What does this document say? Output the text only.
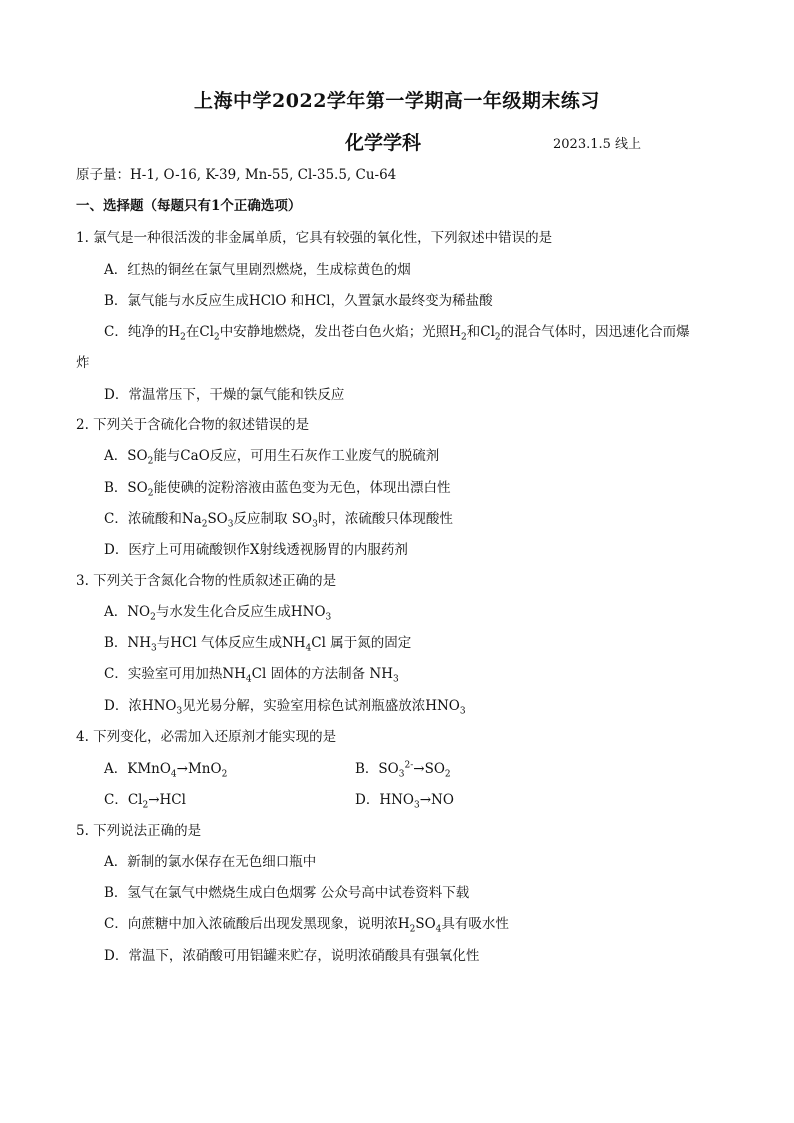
上海中学2022学年第一学期高一年级期末练习
化学学科	2023.1.5 线上
原子量：H-1, O-16, K-39, Mn-55, Cl-35.5, Cu-64
一、选择题（每题只有1个正确选项）
1. 氯气是一种很活泼的非金属单质，它具有较强的氧化性，下列叙述中错误的是
A．红热的铜丝在氯气里剧烈燃烧，生成棕黄色的烟
B．氯气能与水反应生成HClO 和HCl，久置氯水最终变为稀盐酸
C．纯净的$H_2$在$Cl_2$中安静地燃烧，发出苍白色火焰；光照$H_2$和$Cl_2$的混合气体时，因迅速化合而爆
炸
D．常温常压下，干燥的氯气能和铁反应
2. 下列关于含硫化合物的叙述错误的是
A．$SO_2$能与CaO反应，可用生石灰作工业废气的脱硫剂
B．$SO_2$能使碘的淀粉溶液由蓝色变为无色，体现出漂白性
C．浓硫酸和$Na_2SO_3$反应制取 $SO_3$时，浓硫酸只体现酸性
D．医疗上可用硫酸钡作X射线透视肠胃的内服药剂
3. 下列关于含氮化合物的性质叙述正确的是
A．$NO_2$与水发生化合反应生成$HNO_3$
B．$NH_3$与HCl 气体反应生成$NH_4Cl$ 属于氮的固定
C．实验室可用加热$NH_4Cl$ 固体的方法制备 $NH_3$
D．浓$HNO_3$见光易分解，实验室用棕色试剂瓶盛放浓$HNO_3$
4. 下列变化，必需加入还原剂才能实现的是
A．KMnO$_4$→MnO$_2$	B．$SO_3^{2-}\to SO_2$
C．$Cl_2\to HCl$	D．$HNO_3\to NO$
5. 下列说法正确的是
A．新制的氯水保存在无色细口瓶中
B．氢气在氯气中燃烧生成白色烟雾 公众号高中试卷资料下载
C．向蔗糖中加入浓硫酸后出现发黑现象，说明浓$H_2SO_4$具有吸水性
D．常温下，浓硝酸可用铝罐来贮存，说明浓硝酸具有强氧化性
